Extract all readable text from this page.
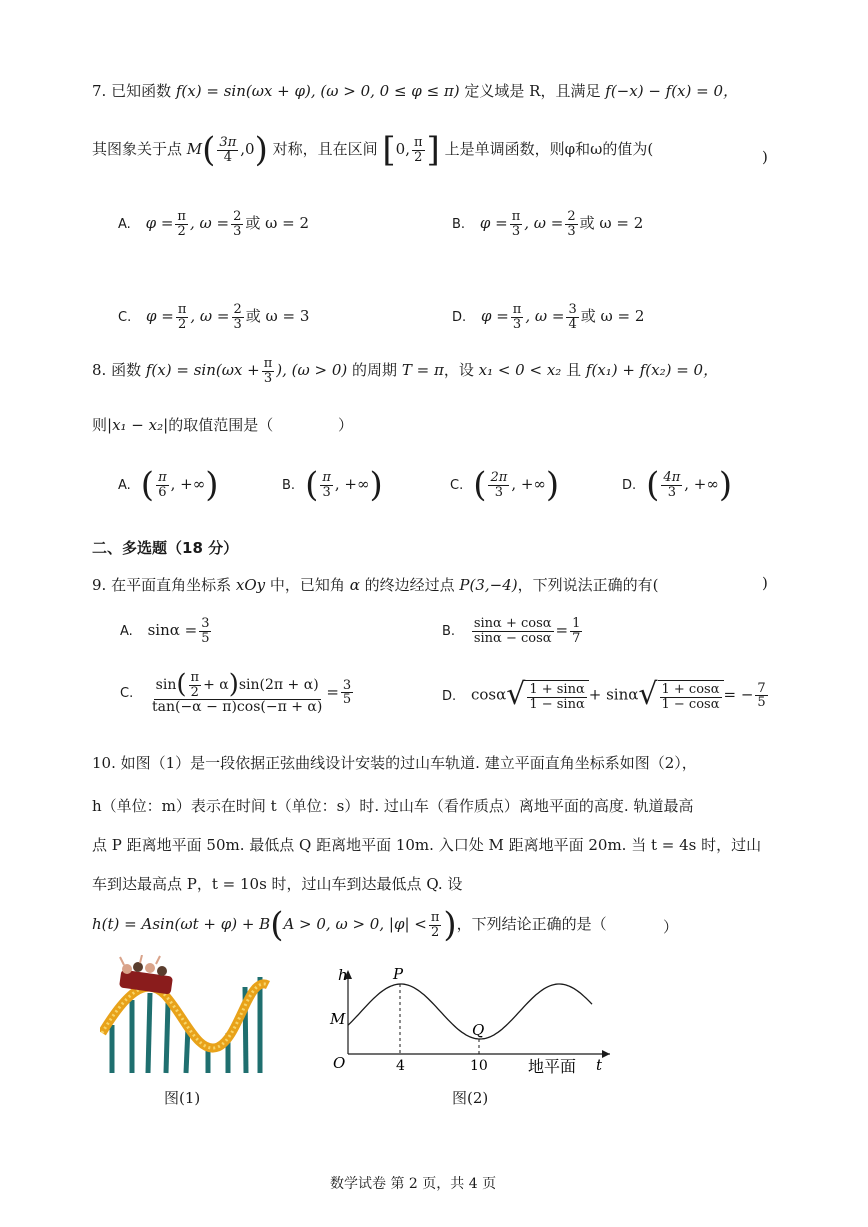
7. 已知函数 f(x) = sin(ωx + φ), (ω > 0, 0 ≤ φ ≤ π) 定义域是 R，且满足 f(−x) − f(x) = 0，
其图象关于点 $M( \frac{3\pi}{4} ,0)$ 对称，且在区间 [0, $\frac{\pi}{2}$ ] 上是单调函数，则φ和ω的值为(	)
A. $\varphi = \frac{\pi}{2}$ , $\omega = \frac{2}{3}$ 或 ω = 2	B. $\varphi = \frac{\pi}{3}$ , $\omega = \frac{2}{3}$ 或 ω = 2
C. $\varphi = \frac{\pi}{2}$ , $\omega = \frac{2}{3}$ 或 ω = 3	D. $\varphi = \frac{\pi}{3}$ , $\omega = \frac{3}{4}$ 或 ω = 2
8. 函数 $f(x) = \sin(\omega x + \frac{\pi}{3}$ ), (ω > 0) 的周期 T = π，设 x₁ < 0 < x₂ 且 f(x₁) + f(x₂) = 0，
则|x₁ − x₂|的取值范围是（	）
A. ( $\frac{\pi}{6}$ , +∞)	B. ( $\frac{\pi}{3}$ , +∞)	C. ( $\frac{2\pi}{3}$ , +∞)	D. ( $\frac{4\pi}{3}$ , +∞)
二、多选题（18 分）
9. 在平面直角坐标系 xOy 中，已知角 α 的终边经过点 P(3,−4)，下列说法正确的有(	)
A. $\sin\alpha = \frac{3}{5}$	B. $\frac{\sin\alpha + \cos\alpha}{\sin\alpha - \cos\alpha} = \frac{1}{7}$
C. $\frac{\sin( \frac{\pi}{2} + \alpha)\sin(2\pi + \alpha)}{\tan(-\alpha - \pi)\cos(-\pi + \alpha)} = \frac{3}{5}$	D. cosα √ $\frac{1 + \sin\alpha}{1 - \sin\alpha} + \sin\alpha$ √ $\frac{1 + \cos\alpha}{1 - \cos\alpha}$ = − $\frac{7}{5}$
10. 如图（1）是一段依据正弦曲线设计安装的过山车轨道. 建立平面直角坐标系如图（2），
h（单位：m）表示在时间 t（单位：s）时. 过山车（看作质点）离地平面的高度. 轨道最高
点 P 距离地平面 50m. 最低点 Q 距离地平面 10m. 入口处 M 距离地平面 20m. 当 t = 4s 时，过山
车到达最高点 P，t = 10s 时，过山车到达最低点 Q. 设
h(t) = Asin(ωt + φ) + B(A > 0, ω > 0, $|\varphi| < \frac{\pi}{2}$ )，下列结论正确的是（	）
图(1)
h
M
O
P
Q
4	10	地平面 t
图(2)
数学试卷 第 2 页，共 4 页
